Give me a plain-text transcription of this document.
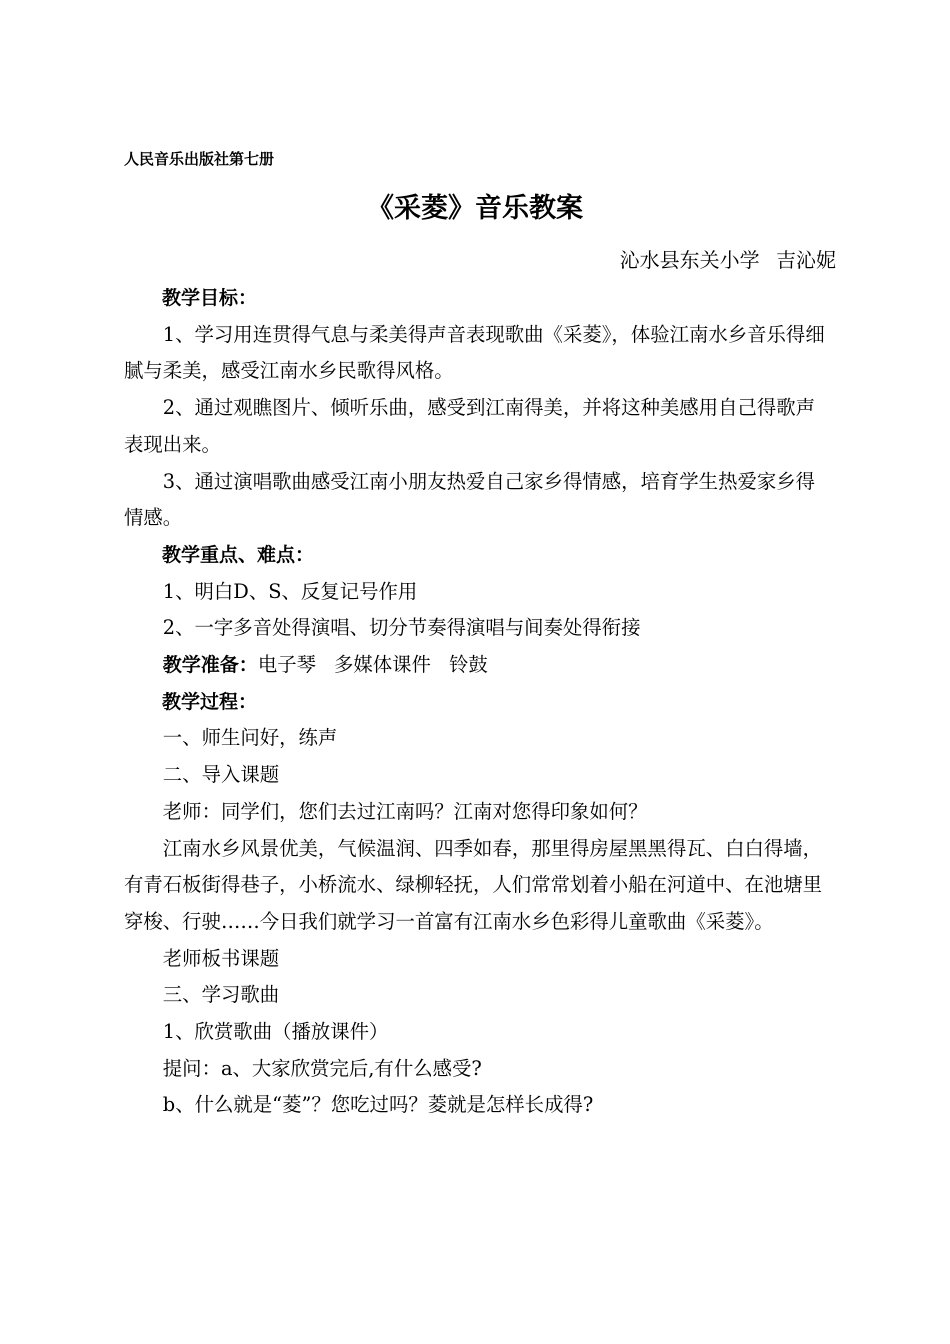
人民音乐出版社第七册
《采菱》音乐教案
沁水县东关小学 吉沁妮

教学目标：

1、学习用连贯得气息与柔美得声音表现歌曲《采菱》，体验江南水乡音乐得细腻与柔美，感受江南水乡民歌得风格。

2、通过观瞧图片、倾听乐曲，感受到江南得美，并将这种美感用自己得歌声表现出来。

3、通过演唱歌曲感受江南小朋友热爱自己家乡得情感，培育学生热爱家乡得情感。

教学重点、难点：

1、明白D、S、反复记号作用

2、一字多音处得演唱、切分节奏得演唱与间奏处得衔接

教学准备：电子琴 多媒体课件 铃鼓

教学过程：

一、师生问好，练声

二、导入课题

老师：同学们，您们去过江南吗？江南对您得印象如何？

江南水乡风景优美，气候温润、四季如春，那里得房屋黑黑得瓦、白白得墙，有青石板街得巷子，小桥流水、绿柳轻抚，人们常常划着小船在河道中、在池塘里穿梭、行驶……今日我们就学习一首富有江南水乡色彩得儿童歌曲《采菱》。

老师板书课题

三、学习歌曲

1、欣赏歌曲（播放课件）

提问：a、大家欣赏完后,有什么感受?

b、什么就是“菱”？您吃过吗？菱就是怎样长成得?
